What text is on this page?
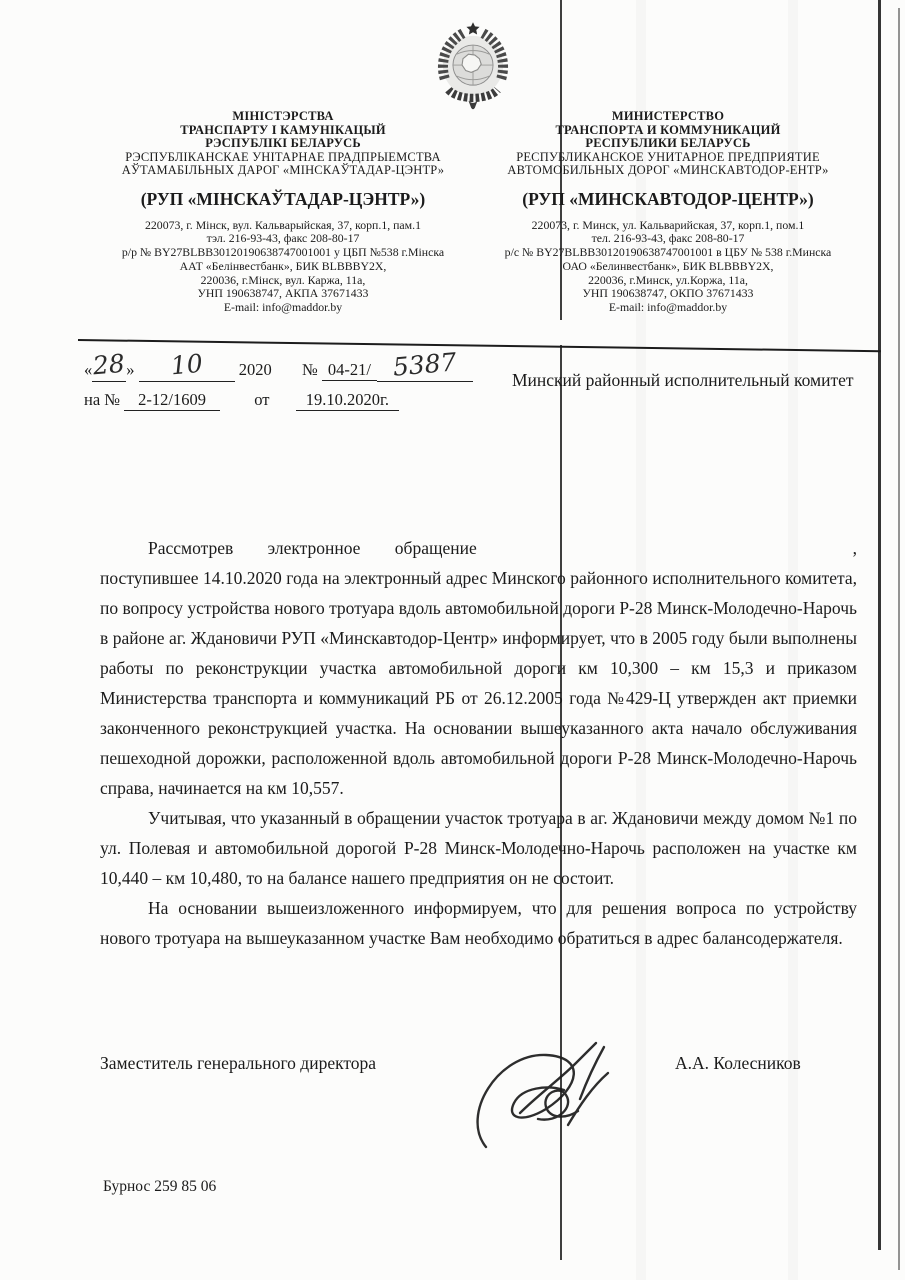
МІНІСТЭРСТВА
ТРАНСПАРТУ І КАМУНІКАЦЫЙ
РЭСПУБЛІКІ БЕЛАРУСЬ
РЭСПУБЛІКАНСКАЕ УНІТАРНАЕ ПРАДПРЫЕМСТВА
АЎТАМАБІЛЬНЫХ ДАРОГ «МІНСКАЎТАДАР-ЦЭНТР»
(РУП «МІНСКАЎТАДАР-ЦЭНТР»)
220073, г. Мінск, вул. Кальварыйская, 37, корп.1, пам.1
тэл. 216-93-43, факс 208-80-17
р/р № BY27BLBB30120190638747001001 у ЦБП №538 г.Мінска
ААТ «Белінвестбанк», БИК BLBBBY2X,
220036, г.Мінск, вул. Каржа, 11а,
УНП 190638747, АКПА 37671433
E-mail: info@maddor.by
МИНИСТЕРСТВО
ТРАНСПОРТА И КОММУНИКАЦИЙ
РЕСПУБЛИКИ БЕЛАРУСЬ
РЕСПУБЛИКАНСКОЕ УНИТАРНОЕ ПРЕДПРИЯТИЕ
АВТОМОБИЛЬНЫХ ДОРОГ «МИНСКАВТОДОР-ЕНТР»
(РУП «МИНСКАВТОДОР-ЦЕНТР»)
220073, г. Минск, ул. Кальварийская, 37, корп.1, пом.1
тел. 216-93-43, факс 208-80-17
р/с № BY27BLBB30120190638747001001 в ЦБУ № 538 г.Минска
ОАО «Белинвестбанк», БИК BLBBBY2X,
220036, г.Минск, ул.Коржа, 11а,
УНП 190638747, ОКПО 37671433
E-mail: info@maddor.by
«28» 10 2020 № 04-21/ 5387
на № 2-12/1609	от 19.10.2020г.
Минский районный исполнительный комитет
Рассмотрев электронное обращение	,
поступившее 14.10.2020 года на электронный адрес Минского районного исполнительного комитета, по вопросу устройства нового тротуара вдоль автомобильной дороги Р-28 Минск-Молодечно-Нарочь в районе аг. Ждановичи РУП «Минскавтодор-Центр» информирует, что в 2005 году были выполнены работы по реконструкции участка автомобильной дороги км 10,300 – км 15,3 и приказом Министерства транспорта и коммуникаций РБ от 26.12.2005 года №429-Ц утвержден акт приемки законченного реконструкцией участка. На основании вышеуказанного акта начало обслуживания пешеходной дорожки, расположенной вдоль автомобильной дороги Р-28 Минск-Молодечно-Нарочь справа, начинается на км 10,557.
Учитывая, что указанный в обращении участок тротуара в аг. Ждановичи между домом №1 по ул. Полевая и автомобильной дорогой Р-28 Минск-Молодечно-Нарочь расположен на участке км 10,440 – км 10,480, то на балансе нашего предприятия он не состоит.
На основании вышеизложенного информируем, что для решения вопроса по устройству нового тротуара на вышеуказанном участке Вам необходимо обратиться в адрес балансодержателя.
Заместитель генерального директора	А.А. Колесников
Бурнос 259 85 06
